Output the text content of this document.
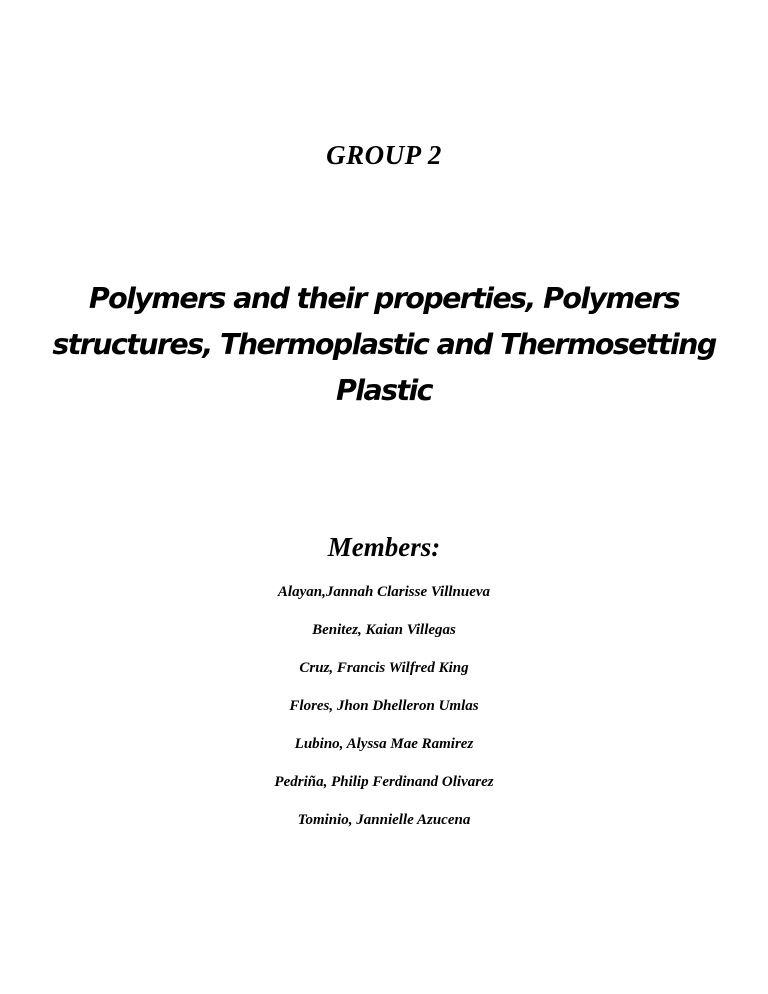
GROUP 2
Polymers and their properties, Polymers structures, Thermoplastic and Thermosetting Plastic
Members:
Alayan,Jannah Clarisse Villnueva
Benitez, Kaian Villegas
Cruz, Francis Wilfred King
Flores, Jhon Dhelleron Umlas
Lubino, Alyssa Mae Ramirez
Pedriña, Philip Ferdinand Olivarez
Tominio, Jannielle Azucena
